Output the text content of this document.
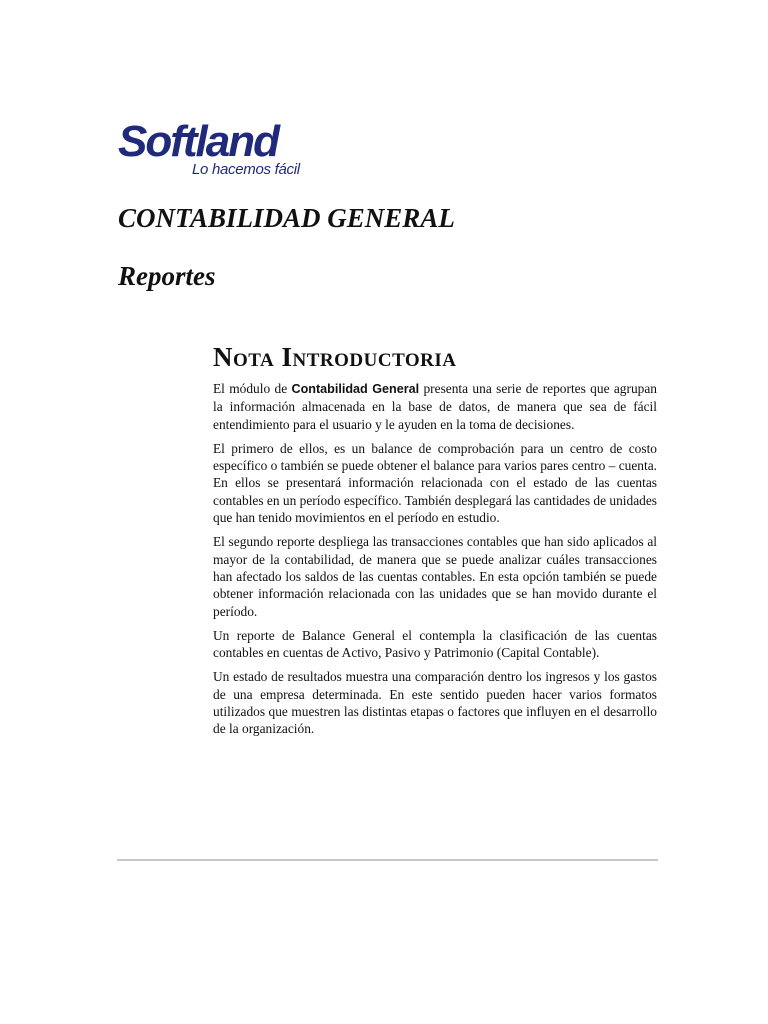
Softland
Lo hacemos fácil
CONTABILIDAD GENERAL
Reportes
Nota Introductoria

El módulo de Contabilidad General presenta una serie de reportes que agrupan la información almacenada en la base de datos, de manera que sea de fácil entendimiento para el usuario y le ayuden en la toma de decisiones.

El primero de ellos, es un balance de comprobación para un centro de costo específico o también se puede obtener el balance para varios pares centro – cuenta. En ellos se presentará información relacionada con el estado de las cuentas contables en un período específico. También desplegará las cantidades de unidades que han tenido movimientos en el período en estudio.

El segundo reporte despliega las transacciones contables que han sido aplicados al mayor de la contabilidad, de manera que se puede analizar cuáles transacciones han afectado los saldos de las cuentas contables. En esta opción también se puede obtener información relacionada con las unidades que se han movido durante el período.

Un reporte de Balance General el contempla la clasificación de las cuentas contables en cuentas de Activo, Pasivo y Patrimonio (Capital Contable).

Un estado de resultados muestra una comparación dentro los ingresos y los gastos de una empresa determinada. En este sentido pueden hacer varios formatos utilizados que muestren las distintas etapas o factores que influyen en el desarrollo de la organización.
